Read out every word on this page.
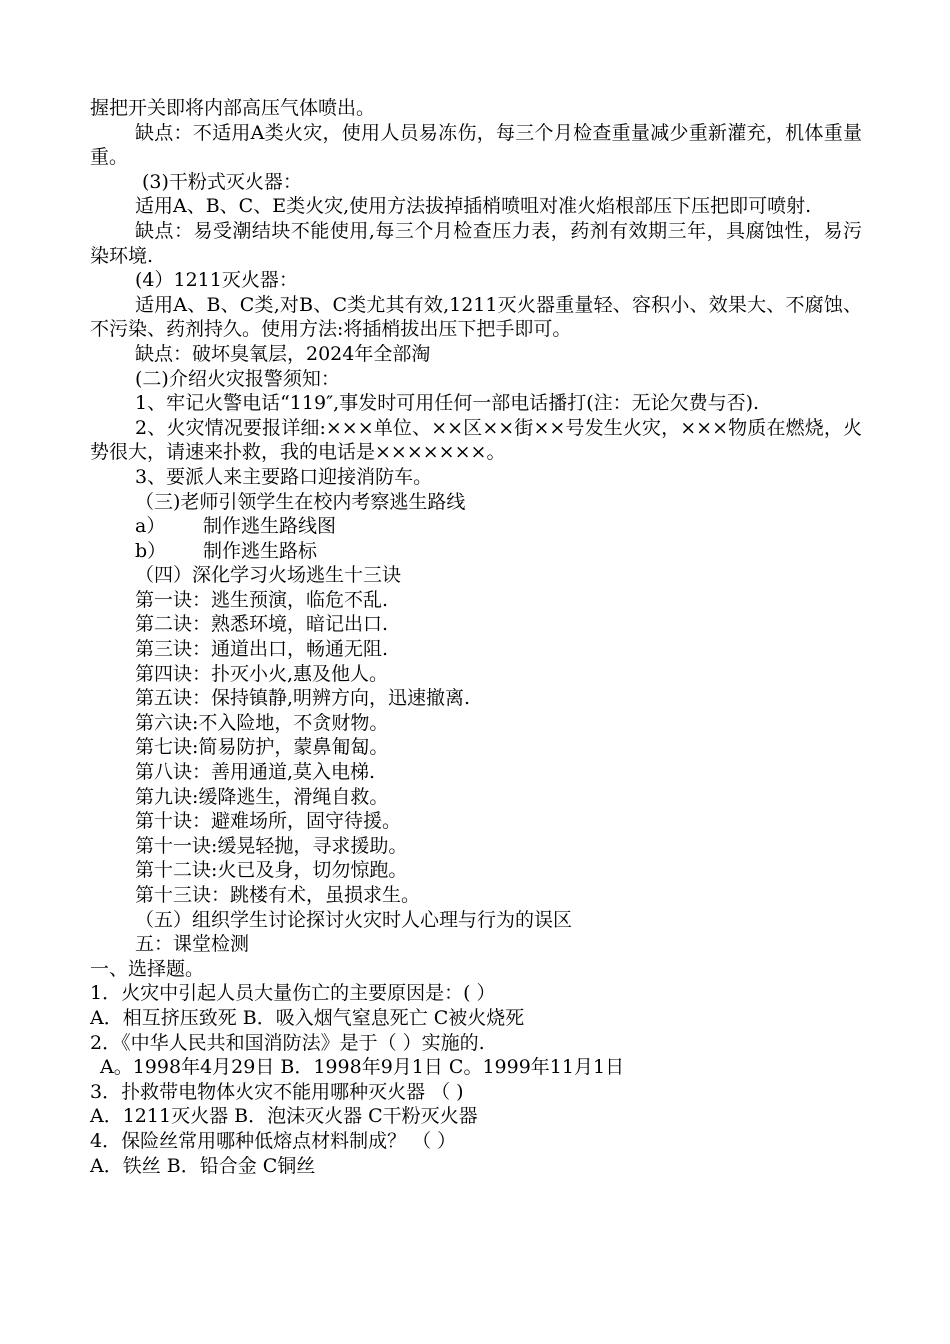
握把开关即将内部高压气体喷出。

缺点：不适用A类火灾，使用人员易冻伤，每三个月检查重量减少重新灌充，机体重量重。

(3)干粉式灭火器：

适用A、B、C、E类火灾,使用方法拔掉插梢喷咀对准火焰根部压下压把即可喷射.

缺点：易受潮结块不能使用,每三个月检查压力表，药剂有效期三年，具腐蚀性，易污染环境.

(4）1211灭火器：

适用A、B、C类,对B、C类尤其有效,1211灭火器重量轻、容积小、效果大、不腐蚀、不污染、药剂持久。使用方法:将插梢拔出压下把手即可。

缺点：破坏臭氧层，2024年全部淘

(二)介绍火灾报警须知：

1、牢记火警电话“119″,事发时可用任何一部电话播打(注：无论欠费与否).

2、火灾情况要报详细:×××单位、××区××街××号发生火灾，×××物质在燃烧，火势很大，请速来扑救，我的电话是×××××××。

3、要派人来主要路口迎接消防车。

（三)老师引领学生在校内考察逃生路线

a） 制作逃生路线图
b） 制作逃生路标

（四）深化学习火场逃生十三诀

第一诀：逃生预演，临危不乱.

第二诀：熟悉环境，暗记出口.

第三诀：通道出口，畅通无阻.

第四诀：扑灭小火,惠及他人。

第五诀：保持镇静,明辨方向，迅速撤离.

第六诀:不入险地，不贪财物。

第七诀:简易防护，蒙鼻匍匐。

第八诀：善用通道,莫入电梯.

第九诀:缓降逃生，滑绳自救。

第十诀：避难场所，固守待援。

第十一诀:缓晃轻抛，寻求援助。

第十二诀:火已及身，切勿惊跑。

第十三诀：跳楼有术，虽损求生。

（五）组织学生讨论探讨火灾时人心理与行为的误区

五：课堂检测

一、选择题。

1．火灾中引起人员大量伤亡的主要原因是：( ）

A．相互挤压致死 B．吸入烟气窒息死亡 C被火烧死

2．《中华人民共和国消防法》是于（ ）实施的.

A。1998年4月29日 B．1998年9月1日 C。1999年11月1日

3．扑救带电物体火灾不能用哪种灭火器 （ )

A．1211灭火器 B．泡沫灭火器 C干粉灭火器

4．保险丝常用哪种低熔点材料制成？ （ ）

A．铁丝 B．铅合金 C铜丝
